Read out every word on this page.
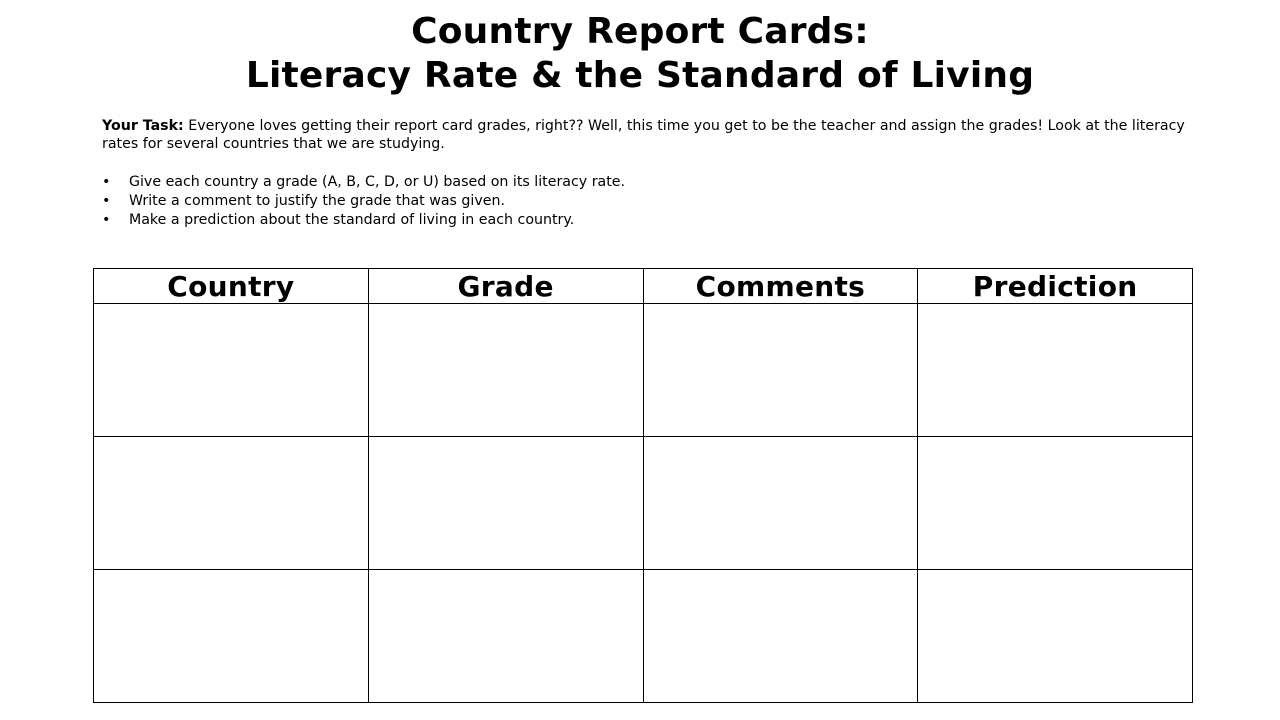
Country Report Cards:
Literacy Rate & the Standard of Living

Your Task: Everyone loves getting their report card grades, right?? Well, this time you get to be the teacher and assign the grades! Look at the literacy rates for several countries that we are studying.

• Give each country a grade (A, B, C, D, or U) based on its literacy rate.
• Write a comment to justify the grade that was given.
• Make a prediction about the standard of living in each country.
Country	Grade	Comments	Prediction
